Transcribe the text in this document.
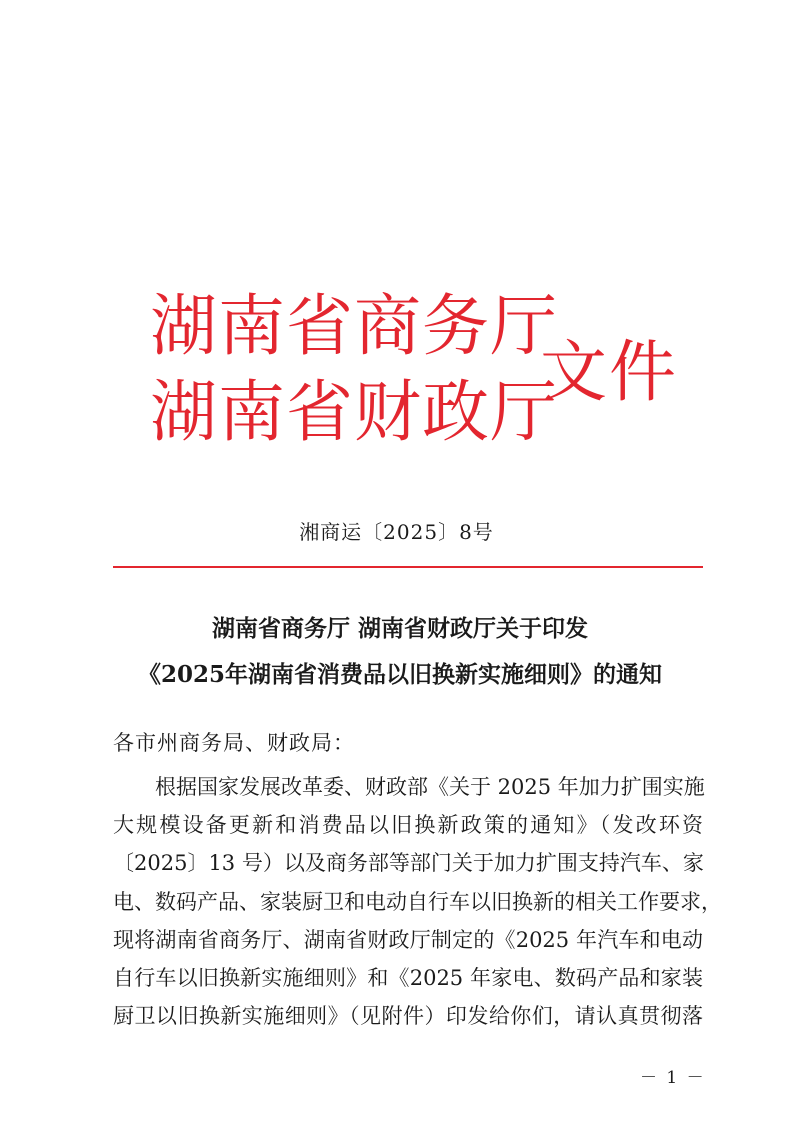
湖南省商务厅
湖南省财政厅
文件
湘商运〔2025〕8号
湖南省商务厅 湖南省财政厅关于印发
《2025年湖南省消费品以旧换新实施细则》的通知
各市州商务局、财政局：
根据国家发展改革委、财政部《关于 2025 年加力扩围实施
大规模设备更新和消费品以旧换新政策的通知》（发改环资
〔2025〕13 号）以及商务部等部门关于加力扩围支持汽车、家
电、数码产品、家装厨卫和电动自行车以旧换新的相关工作要求，
现将湖南省商务厅、湖南省财政厅制定的《2025 年汽车和电动
自行车以旧换新实施细则》和《2025 年家电、数码产品和家装
厨卫以旧换新实施细则》（见附件）印发给你们，请认真贯彻落
－ 1 －
